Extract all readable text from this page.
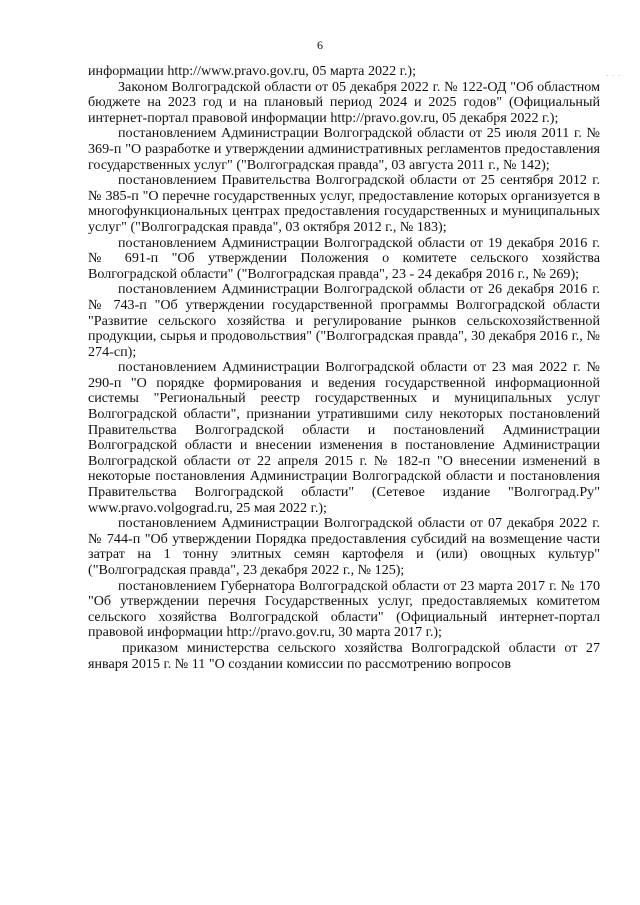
6
· · ·

информации http://www.pravo.gov.ru, 05 марта 2022 г.);

Законом Волгоградской области от 05 декабря 2022 г. № 122-ОД "Об областном бюджете на 2023 год и на плановый период 2024 и 2025 годов" (Официальный интернет-портал правовой информации http://pravo.gov.ru, 05 декабря 2022 г.);

постановлением Администрации Волгоградской области от 25 июля 2011 г. № 369-п "О разработке и утверждении административных регламентов предоставления государственных услуг" ("Волгоградская правда", 03 августа 2011 г., № 142);

постановлением Правительства Волгоградской области от 25 сентября 2012 г. № 385-п "О перечне государственных услуг, предоставление которых организуется в многофункциональных центрах предоставления государственных и муниципальных услуг" ("Волгоградская правда", 03 октября 2012 г., № 183);

постановлением Администрации Волгоградской области от 19 декабря 2016 г. № 691-п "Об утверждении Положения о комитете сельского хозяйства Волгоградской области" ("Волгоградская правда", 23 - 24 декабря 2016 г., № 269);

постановлением Администрации Волгоградской области от 26 декабря 2016 г. № 743-п "Об утверждении государственной программы Волгоградской области "Развитие сельского хозяйства и регулирование рынков сельскохозяйственной продукции, сырья и продовольствия" ("Волгоградская правда", 30 декабря 2016 г., № 274-сп);

постановлением Администрации Волгоградской области от 23 мая 2022 г. № 290-п "О порядке формирования и ведения государственной информационной системы "Региональный реестр государственных и муниципальных услуг Волгоградской области", признании утратившими силу некоторых постановлений Правительства Волгоградской области и постановлений Администрации Волгоградской области и внесении изменения в постановление Администрации Волгоградской области от 22 апреля 2015 г. № 182-п "О внесении изменений в некоторые постановления Администрации Волгоградской области и постановления Правительства Волгоградской области" (Сетевое издание "Волгоград.Ру" www.pravo.volgograd.ru, 25 мая 2022 г.);

постановлением Администрации Волгоградской области от 07 декабря 2022 г. № 744-п "Об утверждении Порядка предоставления субсидий на возмещение части затрат на 1 тонну элитных семян картофеля и (или) овощных культур" ("Волгоградская правда", 23 декабря 2022 г., № 125);

постановлением Губернатора Волгоградской области от 23 марта 2017 г. № 170 "Об утверждении перечня Государственных услуг, предоставляемых комитетом сельского хозяйства Волгоградской области" (Официальный интернет-портал правовой информации http://pravo.gov.ru, 30 марта 2017 г.);

приказом министерства сельского хозяйства Волгоградской области от 27 января 2015 г. № 11 "О создании комиссии по рассмотрению вопросов
